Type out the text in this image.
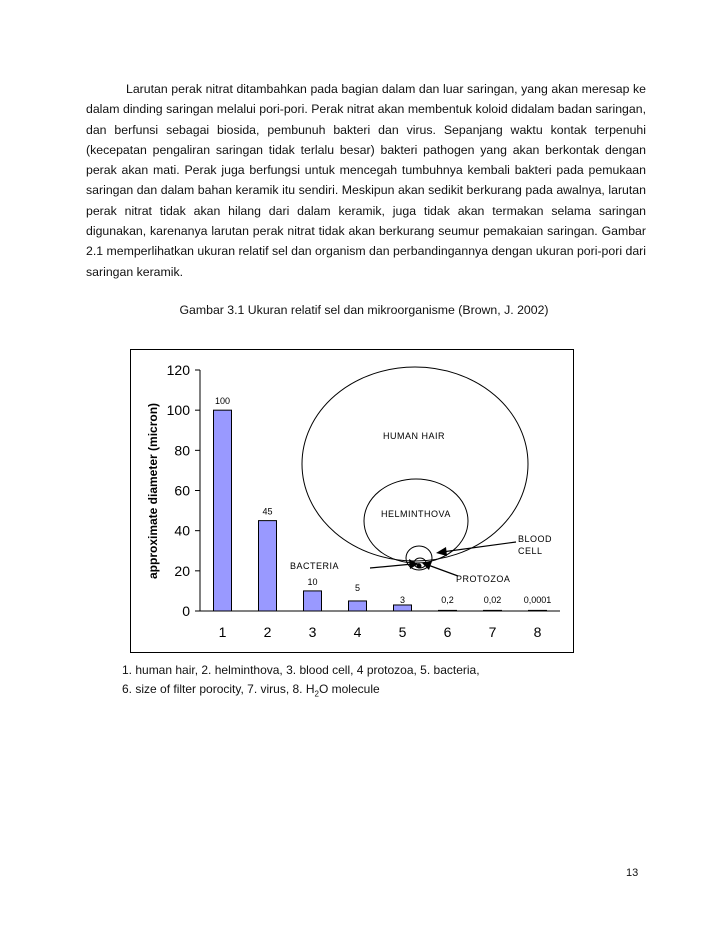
Larutan perak nitrat ditambahkan pada bagian dalam dan luar saringan, yang akan meresap ke dalam dinding saringan melalui pori-pori. Perak nitrat akan membentuk koloid didalam badan saringan, dan berfunsi sebagai biosida, pembunuh bakteri dan virus. Sepanjang waktu kontak terpenuhi (kecepatan pengaliran saringan tidak terlalu besar) bakteri pathogen yang akan berkontak dengan perak akan mati. Perak juga berfungsi untuk mencegah tumbuhnya kembali bakteri pada pemukaan saringan dan dalam bahan keramik itu sendiri. Meskipun akan sedikit berkurang pada awalnya, larutan perak nitrat tidak akan hilang dari dalam keramik, juga tidak akan termakan selama saringan digunakan, karenanya larutan perak nitrat tidak akan berkurang seumur pemakaian saringan. Gambar 2.1 memperlihatkan ukuran relatif sel dan organism dan perbandingannya dengan ukuran pori-pori dari saringan keramik.

Gambar 3.1 Ukuran relatif sel dan mikroorganisme (Brown, J. 2002)
0
20
40
60
80
100
120
approximate diameter (micron)	HUMAN HAIR
HELMINTHOVA
BACTERIA
BLOOD
CELL
PROTOZOA
100
1
45
2
10
3
5
4
3
5
0,2
6
0,02
7
0,0001
8
1. human hair, 2. helminthova, 3. blood cell, 4 protozoa, 5. bacteria,
6. size of filter porocity, 7. virus, 8. $H_2O$ molecule
13
